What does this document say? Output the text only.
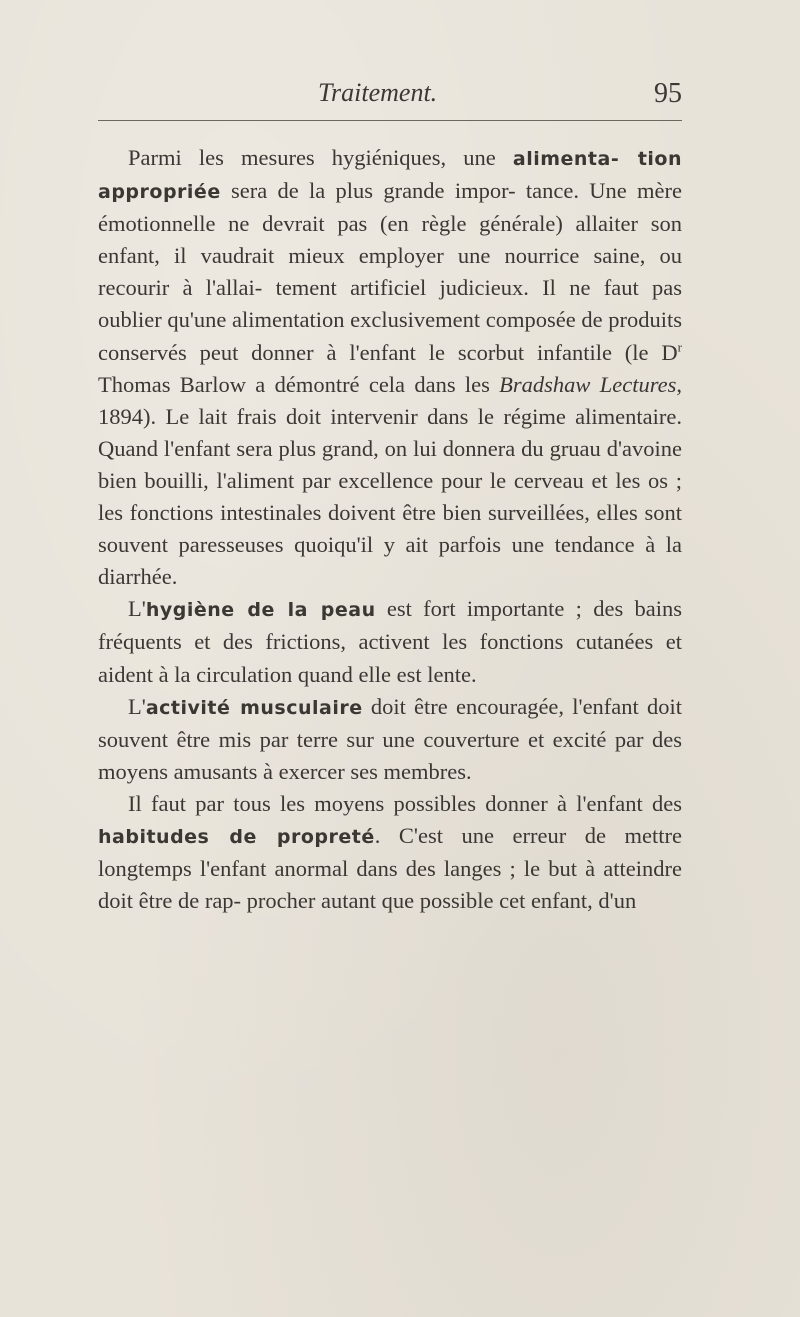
Traitement.	95

Parmi les mesures hygiéniques, une alimenta- tion appropriée sera de la plus grande impor- tance. Une mère émotionnelle ne devrait pas (en règle générale) allaiter son enfant, il vaudrait mieux employer une nourrice saine, ou recourir à l'allai- tement artificiel judicieux. Il ne faut pas oublier qu'une alimentation exclusivement composée de produits conservés peut donner à l'enfant le scorbut infantile (le $D^r$ Thomas Barlow a démontré cela dans les Bradshaw Lectures, 1894). Le lait frais doit intervenir dans le régime alimentaire. Quand l'enfant sera plus grand, on lui donnera du gruau d'avoine bien bouilli, l'aliment par excellence pour le cerveau et les os ; les fonctions intestinales doivent être bien surveillées, elles sont souvent paresseuses quoiqu'il y ait parfois une tendance à la diarrhée.

L'hygiène de la peau est fort importante ; des bains fréquents et des frictions, activent les fonctions cutanées et aident à la circulation quand elle est lente.

L'activité musculaire doit être encouragée, l'enfant doit souvent être mis par terre sur une couverture et excité par des moyens amusants à exercer ses membres.

Il faut par tous les moyens possibles donner à l'enfant des habitudes de propreté. C'est une erreur de mettre longtemps l'enfant anormal dans des langes ; le but à atteindre doit être de rap- procher autant que possible cet enfant, d'un
